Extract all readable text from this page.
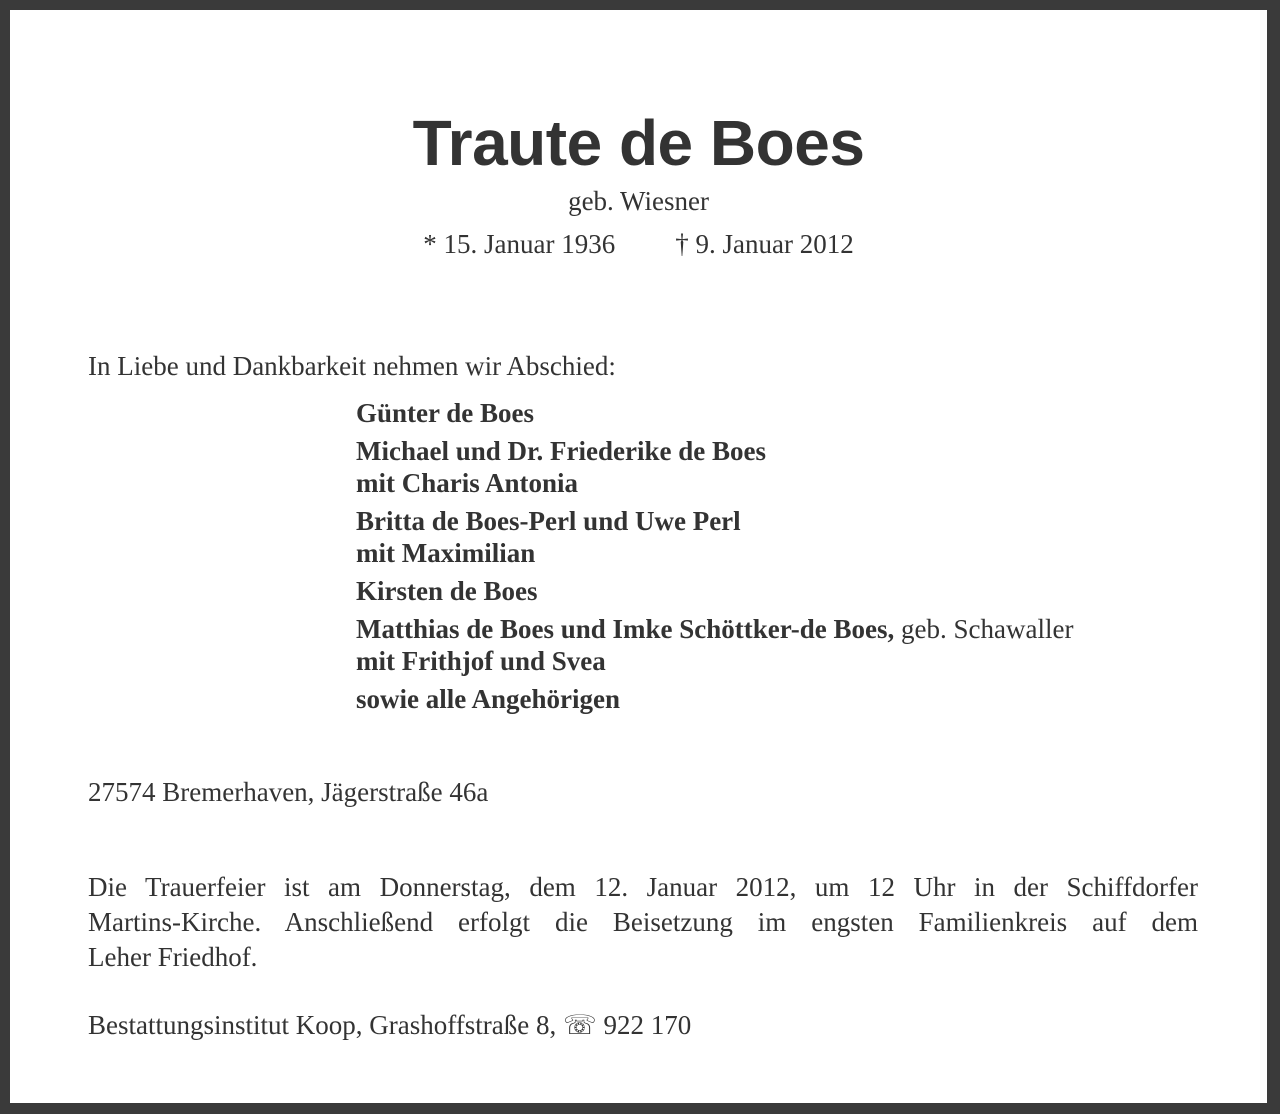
Traute de Boes
geb. Wiesner
* 15. Januar 1936 † 9. Januar 2012
In Liebe und Dankbarkeit nehmen wir Abschied:
Günter de Boes
Michael und Dr. Friederike de Boes
mit Charis Antonia
Britta de Boes-Perl und Uwe Perl
mit Maximilian
Kirsten de Boes
Matthias de Boes und Imke Schöttker-de Boes, geb. Schawaller
mit Frithjof und Svea
sowie alle Angehörigen
27574 Bremerhaven, Jägerstraße 46a
Die Trauerfeier ist am Donnerstag, dem 12. Januar 2012, um 12 Uhr in der Schiffdorfer
Martins-Kirche. Anschließend erfolgt die Beisetzung im engsten Familienkreis auf dem
Leher Friedhof.
Bestattungsinstitut Koop, Grashoffstraße 8, ☏ 922 170
